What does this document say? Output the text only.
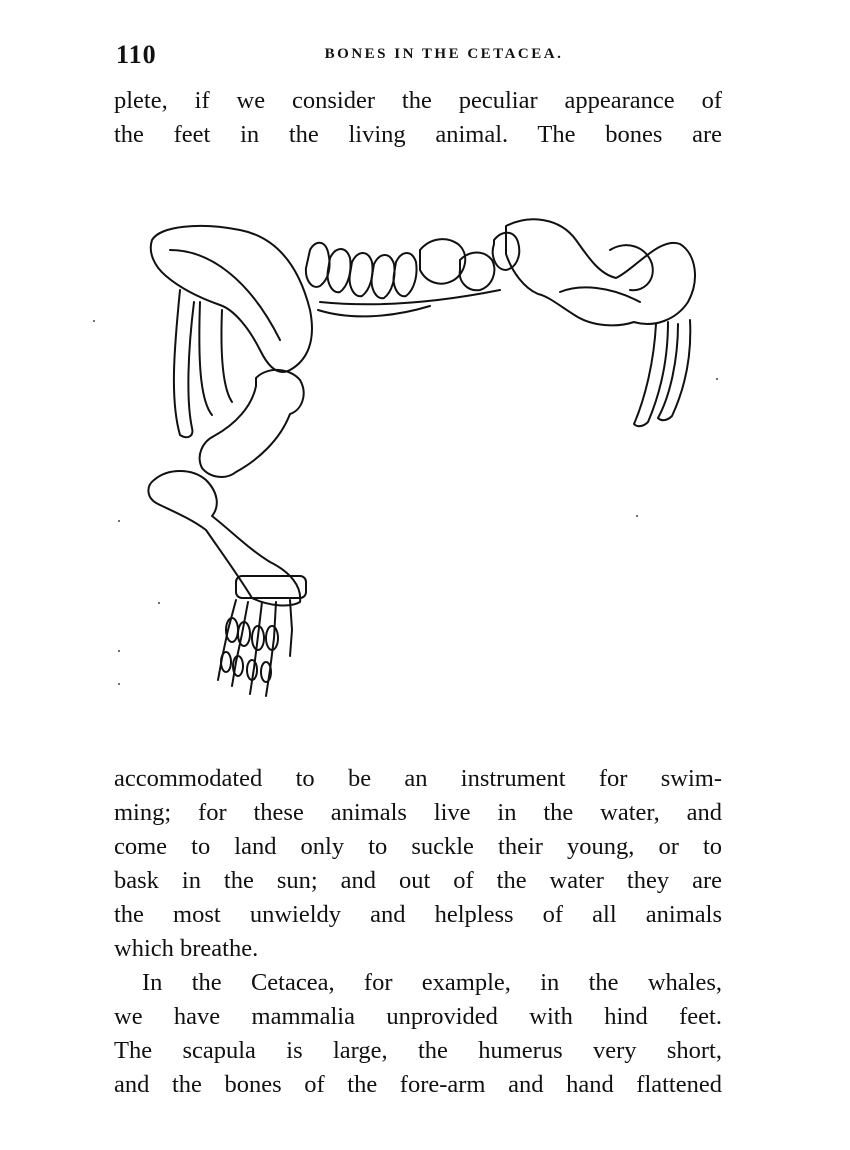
110	BONES IN THE CETACEA.

plete, if we consider the peculiar appearance of
the feet in the living animal. The bones are

accommodated to be an instrument for swim-
ming; for these animals live in the water, and
come to land only to suckle their young, or to
bask in the sun; and out of the water they are
the most unwieldy and helpless of all animals
which breathe.

In the Cetacea, for example, in the whales,
we have mammalia unprovided with hind feet.
The scapula is large, the humerus very short,
and the bones of the fore-arm and hand flattened
